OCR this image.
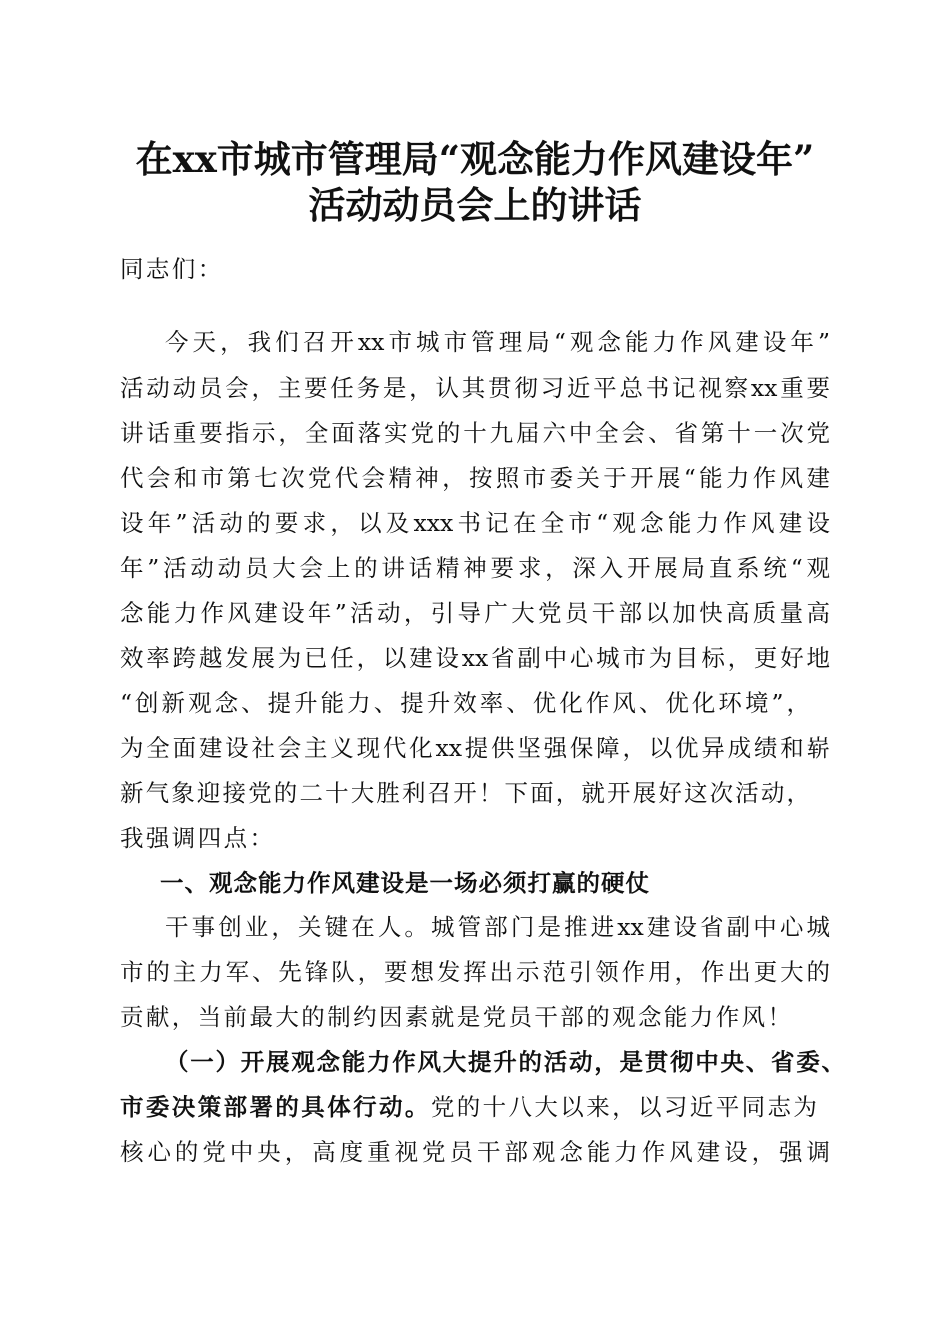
在xx市城市管理局“观念能力作风建设年”
活动动员会上的讲话
同志们：
今天，我们召开xx市城市管理局“观念能力作风建设年”
活动动员会，主要任务是，认其贯彻习近平总书记视察xx重要
讲话重要指示，全面落实党的十九届六中全会、省第十一次党
代会和市第七次党代会精神，按照市委关于开展“能力作风建
设年”活动的要求，以及xxx书记在全市“观念能力作风建设
年”活动动员大会上的讲话精神要求，深入开展局直系统“观
念能力作风建设年”活动，引导广大党员干部以加快高质量高
效率跨越发展为已任，以建设xx省副中心城市为目标，更好地
“创新观念、提升能力、提升效率、优化作风、优化环境”，
为全面建设社会主义现代化xx提供坚强保障，以优异成绩和崭
新气象迎接党的二十大胜利召开！下面，就开展好这次活动，
我强调四点：
一、观念能力作风建设是一场必须打赢的硬仗
干事创业，关键在人。城管部门是推进xx建设省副中心城
市的主力军、先锋队，要想发挥出示范引领作用，作出更大的
贡献，当前最大的制约因素就是党员干部的观念能力作风！
（一）开展观念能力作风大提升的活动，是贯彻中央、省委、
市委决策部署的具体行动。党的十八大以来，以习近平同志为
核心的党中央，高度重视党员干部观念能力作风建设，强调
